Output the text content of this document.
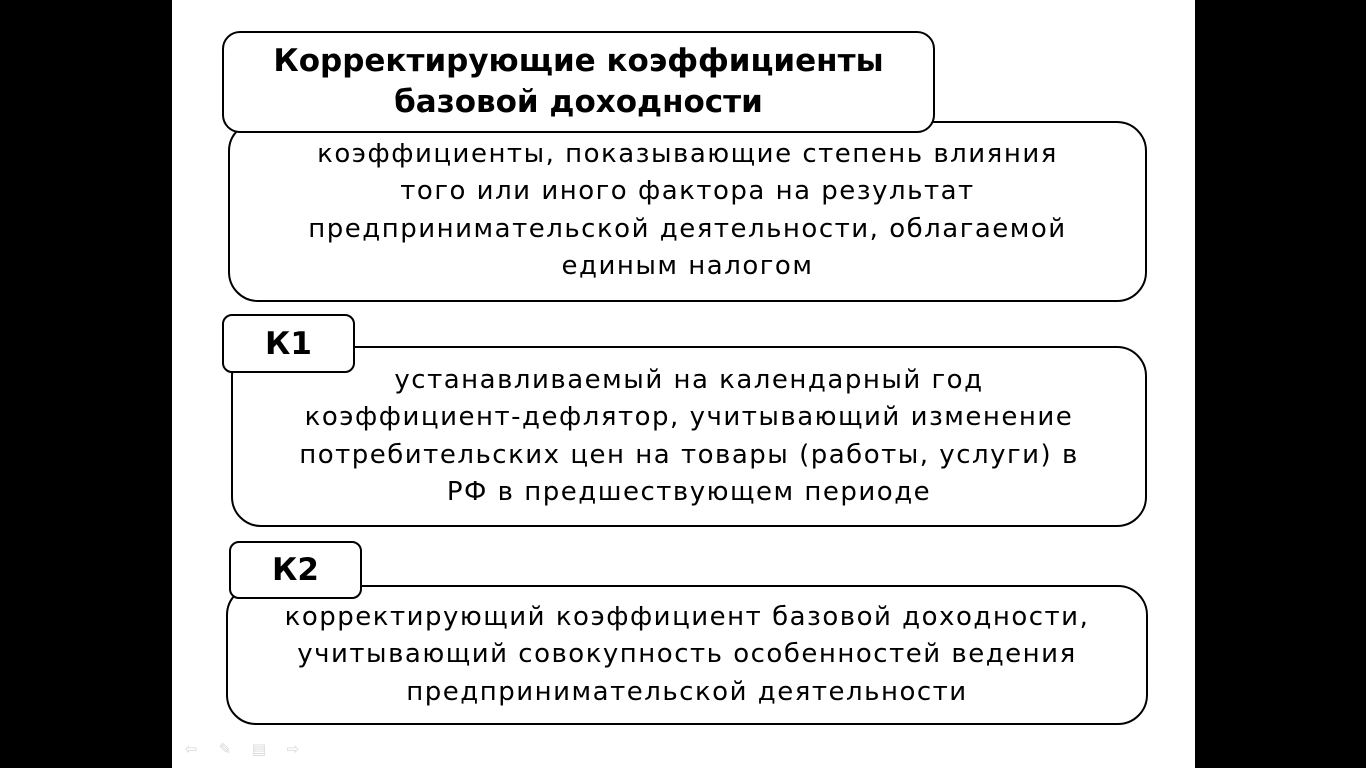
Корректирующие коэффициенты
базовой доходности
коэффициенты, показывающие степень влияния
того или иного фактора на результат
предпринимательской деятельности, облагаемой
единым налогом
К1
устанавливаемый на календарный год
коэффициент-дефлятор, учитывающий изменение
потребительских цен на товары (работы, услуги) в
РФ в предшествующем периоде
К2
корректирующий коэффициент базовой доходности,
учитывающий совокупность особенностей ведения
предпринимательской деятельности
⇦	✎	▤	⇨
